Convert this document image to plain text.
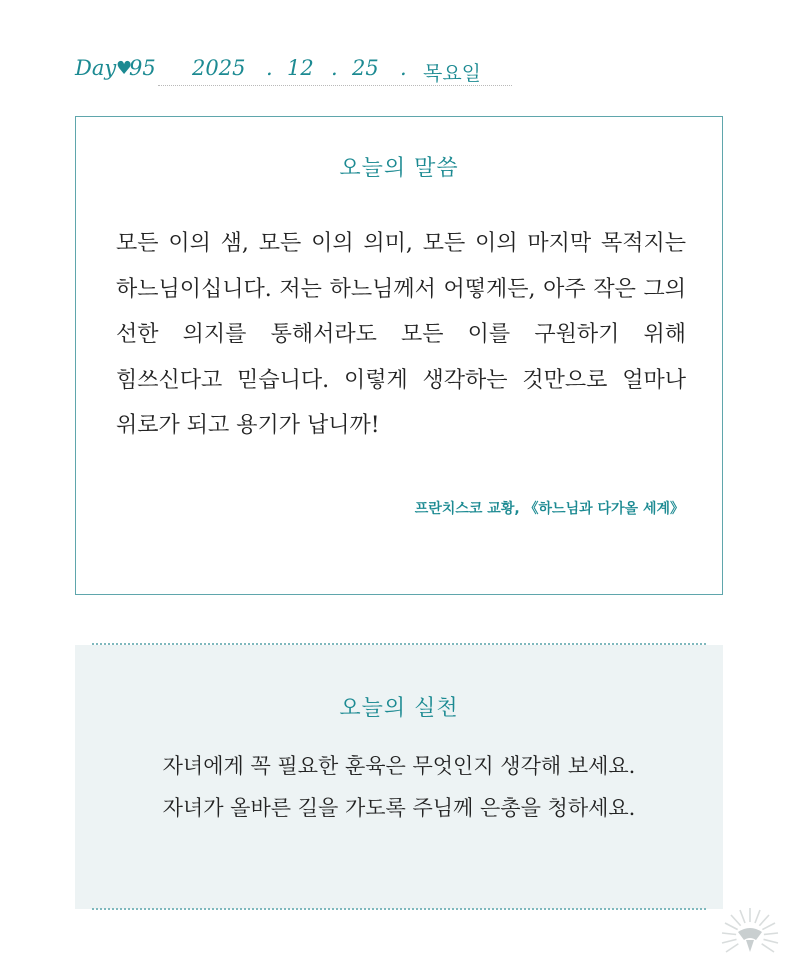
Day ♥
95 2025 . 12 . 25 . 목요일
오늘의 말씀
모든 이의 샘, 모든 이의 의미, 모든 이의 마지막 목적지는 하느님이십니다. 저는 하느님께서 어떻게든, 아주 작은 그의 선한 의지를 통해서라도 모든 이를 구원하기 위해 힘쓰신다고 믿습니다. 이렇게 생각하는 것만으로 얼마나 위로가 되고 용기가 납니까!
프란치스코 교황, 《하느님과 다가올 세계》
오늘의 실천
자녀에게 꼭 필요한 훈육은 무엇인지 생각해 보세요.
자녀가 올바른 길을 가도록 주님께 은총을 청하세요.
